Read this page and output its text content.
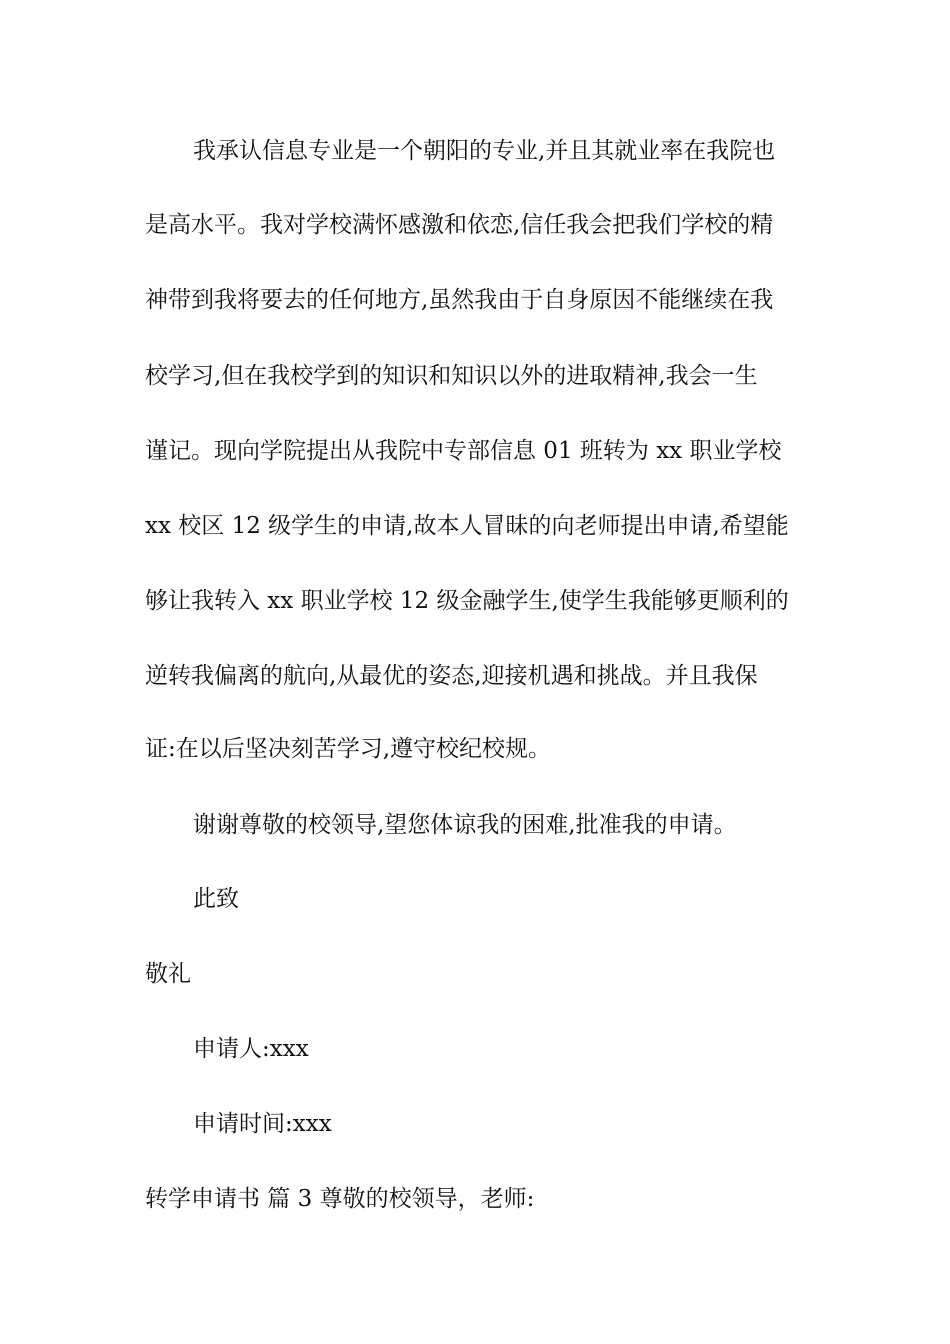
我承认信息专业是一个朝阳的专业,并且其就业率在我院也
是高水平。我对学校满怀感激和依恋,信任我会把我们学校的精
神带到我将要去的任何地方,虽然我由于自身原因不能继续在我
校学习,但在我校学到的知识和知识以外的进取精神,我会一生
谨记。现向学院提出从我院中专部信息 01 班转为 xx 职业学校
xx 校区 12 级学生的申请,故本人冒昧的向老师提出申请,希望能
够让我转入 xx 职业学校 12 级金融学生,使学生我能够更顺利的
逆转我偏离的航向,从最优的姿态,迎接机遇和挑战。并且我保
证:在以后坚决刻苦学习,遵守校纪校规。
谢谢尊敬的校领导,望您体谅我的困难,批准我的申请。
此致
敬礼
申请人:xxx
申请时间:xxx
转学申请书 篇 3 尊敬的校领导，老师:
